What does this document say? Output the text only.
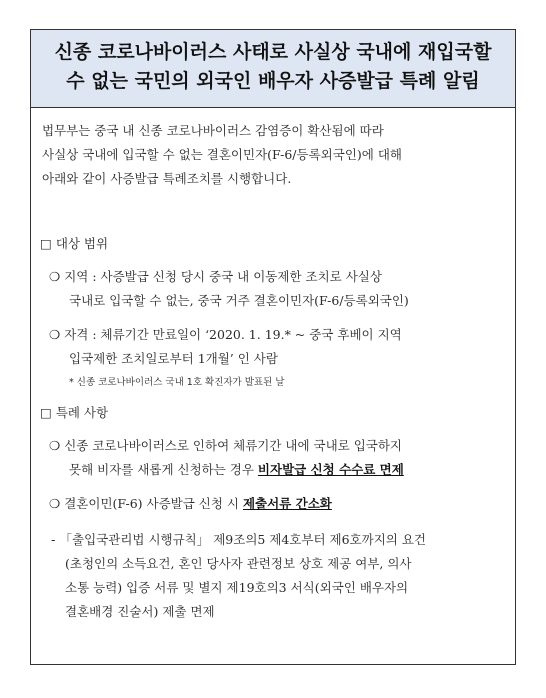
신종 코로나바이러스 사태로 사실상 국내에 재입국할
수 없는 국민의 외국인 배우자 사증발급 특례 알림
법무부는 중국 내 신종 코로나바이러스 감염증이 확산됨에 따라
사실상 국내에 입국할 수 없는 결혼이민자(F-6/등록외국인)에 대해
아래와 같이 사증발급 특례조치를 시행합니다.
□ 대상 범위
❍ 지역 : 사증발급 신청 당시 중국 내 이동제한 조치로 사실상
국내로 입국할 수 없는, 중국 거주 결혼이민자(F-6/등록외국인)
❍ 자격 : 체류기간 만료일이 ‘2020. 1. 19.* ~ 중국 후베이 지역
입국제한 조치일로부터 1개월’ 인 사람
* 신종 코로나바이러스 국내 1호 확진자가 발표된 날
□ 특례 사항
❍ 신종 코로나바이러스로 인하여 체류기간 내에 국내로 입국하지
못해 비자를 새롭게 신청하는 경우 비자발급 신청 수수료 면제
❍ 결혼이민(F-6) 사증발급 신청 시 제출서류 간소화
- 「출입국관리법 시행규칙」 제9조의5 제4호부터 제6호까지의 요건
(초청인의 소득요건, 혼인 당사자 관련정보 상호 제공 여부, 의사
소통 능력) 입증 서류 및 별지 제19호의3 서식(외국인 배우자의
결혼배경 진술서) 제출 면제
